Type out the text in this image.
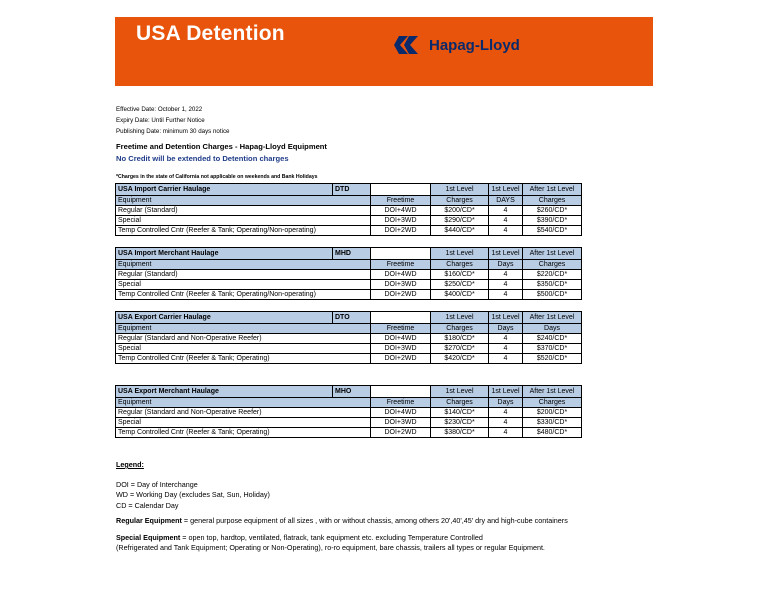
USA Detention	Hapag-Lloyd
Effective Date: October 1, 2022
Expiry Date: Until Further Notice
Publishing Date: minimum 30 days notice
Freetime and Detention Charges - Hapag-Lloyd Equipment
No Credit will be extended to Detention charges
*Charges in the state of California not applicable on weekends and Bank Holidays
USA Import Carrier Haulage	DTD		1st Level	1st Level	After 1st Level
Equipment		Freetime	Charges	DAYS	Charges
Regular (Standard)		DOI+4WD	$200/CD*	4	$260/CD*
Special		DOI+3WD	$290/CD*	4	$390/CD*
Temp Controlled Cntr (Reefer & Tank; Operating/Non-operating)		DOI+2WD	$440/CD*	4	$540/CD*
USA Import Merchant Haulage	MHD		1st Level	1st Level	After 1st Level
Equipment		Freetime	Charges	Days	Charges
Regular (Standard)		DOI+4WD	$160/CD*	4	$220/CD*
Special		DOI+3WD	$250/CD*	4	$350/CD*
Temp Controlled Cntr (Reefer & Tank; Operating/Non-operating)		DOI+2WD	$400/CD*	4	$500/CD*
USA Export Carrier Haulage	DTO		1st Level	1st Level	After 1st Level
Equipment		Freetime	Charges	Days	Days
Regular (Standard and Non-Operative Reefer)		DOI+4WD	$180/CD*	4	$240/CD*
Special		DOI+3WD	$270/CD*	4	$370/CD*
Temp Controlled Cntr (Reefer & Tank; Operating)		DOI+2WD	$420/CD*	4	$520/CD*
USA Export Merchant Haulage	MHO		1st Level	1st Level	After 1st Level
Equipment		Freetime	Charges	Days	Charges
Regular (Standard and Non-Operative Reefer)		DOI+4WD	$140/CD*	4	$200/CD*
Special		DOI+3WD	$230/CD*	4	$330/CD*
Temp Controlled Cntr (Reefer & Tank; Operating)		DOI+2WD	$380/CD*	4	$480/CD*
Legend:
DOI = Day of Interchange
WD = Working Day (excludes Sat, Sun, Holiday)
CD = Calendar Day

Regular Equipment = general purpose equipment of all sizes , with or without chassis, among others 20',40',45' dry and high-cube containers

Special Equipment = open top, hardtop, ventilated, flatrack, tank equipment etc. excluding Temperature Controlled

(Refrigerated and Tank Equipment; Operating or Non-Operating), ro-ro equipment, bare chassis, trailers all types or regular Equipment.
